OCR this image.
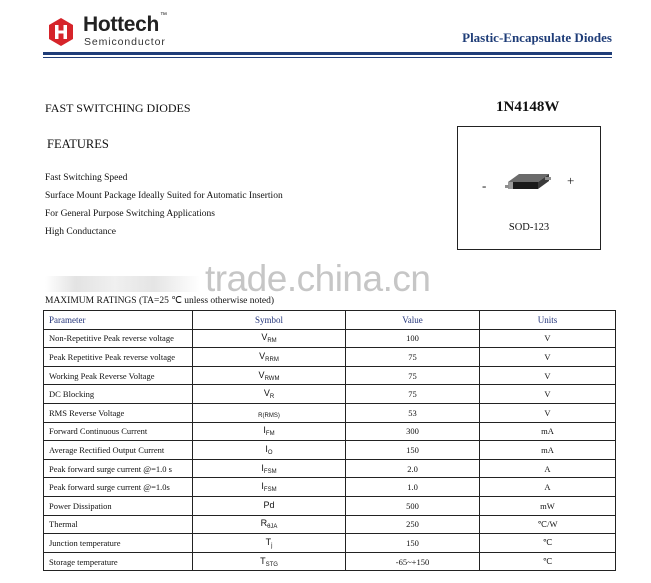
Hottech ™
Semiconductor	Plastic-Encapsulate Diodes
FAST SWITCHING DIODES	1N4148W
FEATURES
Fast Switching Speed
Surface Mount Package Ideally Suited for Automatic Insertion
For General Purpose Switching Applications
High Conductance
-	+
SOD-123
trade.china.cn
MAXIMUM RATINGS (TA=25 ℃ unless otherwise noted)
Parameter	Symbol	Value	Units
Non-Repetitive Peak reverse voltage	$V_{RM}$	100	V
Peak Repetitive Peak reverse voltage	$V_{RRM}$	75	V
Working Peak Reverse Voltage	$V_{RWM}$	75	V
DC Blocking	$V_R$	75	V
RMS Reverse Voltage	$_{R(RMS)}$	53	V
Forward Continuous Current	$I_{FM}$	300	mA
Average Rectified Output Current	$I_O$	150	mA
Peak forward surge current @=1.0 s	$I_{FSM}$	2.0	A
Peak forward surge current @=1.0s	$I_{FSM}$	1.0	A
Power Dissipation	Pd	500	mW
Thermal	$R_{\theta JA}$	250	℃/W
Junction temperature	$T_j$	150	℃
Storage temperature	$T_{STG}$	-65~+150	℃
